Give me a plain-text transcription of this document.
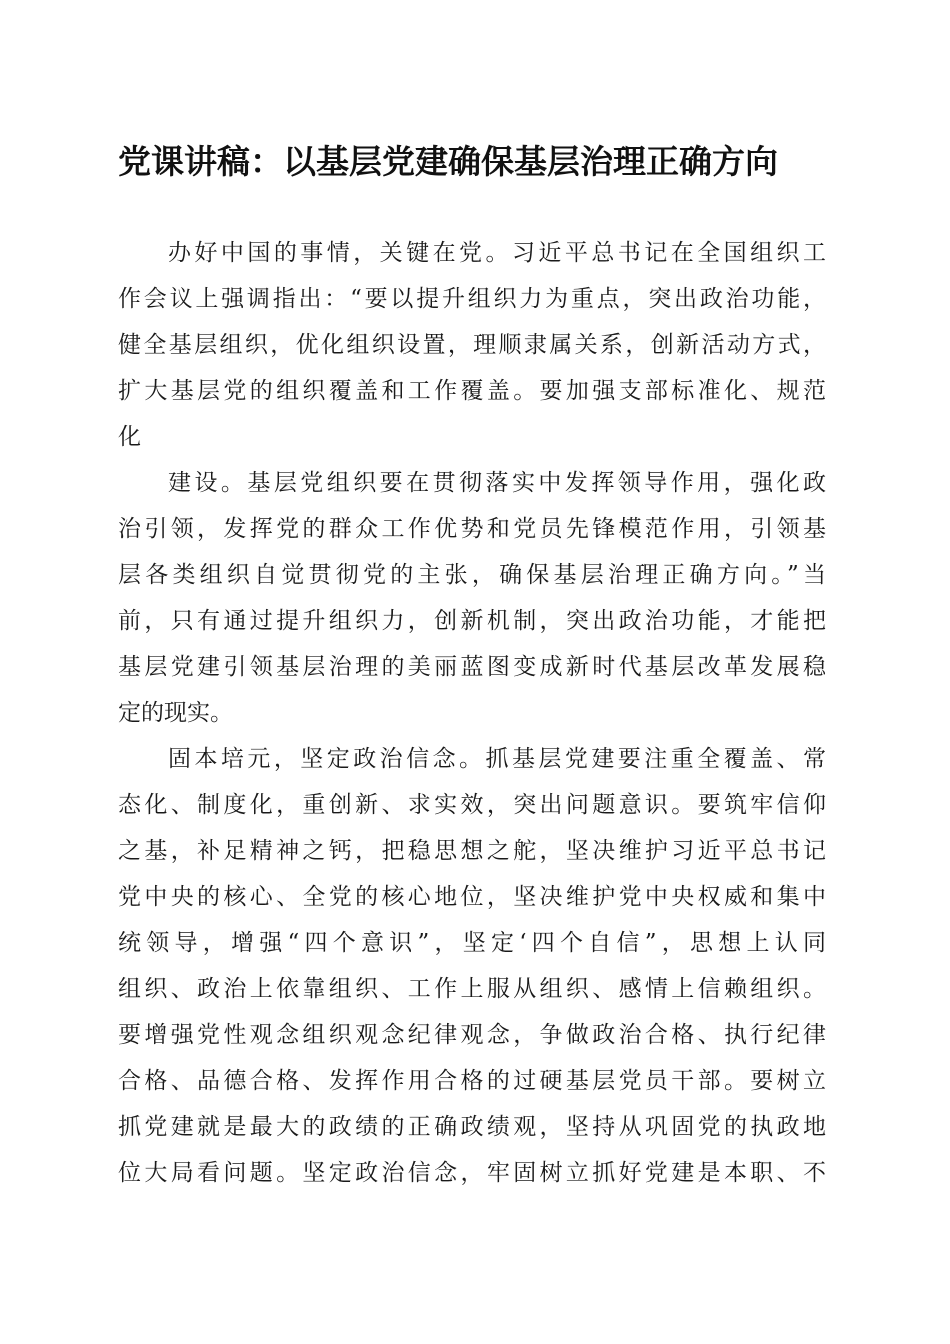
党课讲稿：以基层党建确保基层治理正确方向
办好中国的事情，关键在党。习近平总书记在全国组织工
作会议上强调指出：“要以提升组织力为重点，突出政治功能，
健全基层组织，优化组织设置，理顺隶属关系，创新活动方式，
扩大基层党的组织覆盖和工作覆盖。要加强支部标准化、规范
化
建设。基层党组织要在贯彻落实中发挥领导作用，强化政
治引领，发挥党的群众工作优势和党员先锋模范作用，引领基
层各类组织自觉贯彻党的主张，确保基层治理正确方向。”当
前，只有通过提升组织力，创新机制，突出政治功能，才能把
基层党建引领基层治理的美丽蓝图变成新时代基层改革发展稳
定的现实。
固本培元，坚定政治信念。抓基层党建要注重全覆盖、常
态化、制度化，重创新、求实效，突出问题意识。要筑牢信仰
之基，补足精神之钙，把稳思想之舵，坚决维护习近平总书记
党中央的核心、全党的核心地位，坚决维护党中央权威和集中
统领导，增强“四个意识”，坚定‘四个自信”，思想上认同
组织、政治上依靠组织、工作上服从组织、感情上信赖组织。
要增强党性观念组织观念纪律观念，争做政治合格、执行纪律
合格、品德合格、发挥作用合格的过硬基层党员干部。要树立
抓党建就是最大的政绩的正确政绩观，坚持从巩固党的执政地
位大局看问题。坚定政治信念，牢固树立抓好党建是本职、不
